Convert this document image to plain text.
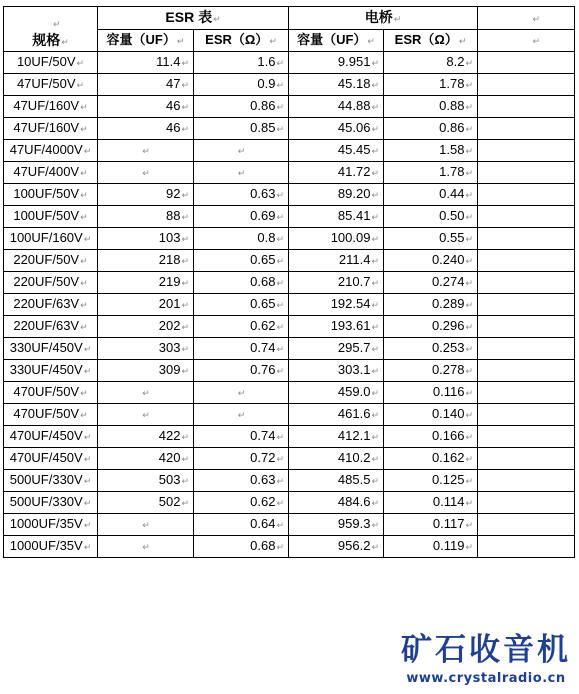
↵
规格↵	ESR 表↵		电桥↵		↵
	容量（UF）↵	ESR（Ω）↵	容量（UF）↵	ESR（Ω）↵	↵
10UF/50V↵	11.4↵	1.6↵	9.951↵	8.2↵	
47UF/50V↵	47↵	0.9↵	45.18↵	1.78↵	
47UF/160V↵	46↵	0.86↵	44.88↵	0.88↵	
47UF/160V↵	46↵	0.85↵	45.06↵	0.86↵	
47UF/4000V↵	↵	↵	45.45↵	1.58↵	
47UF/400V↵	↵	↵	41.72↵	1.78↵	
100UF/50V↵	92↵	0.63↵	89.20↵	0.44↵	
100UF/50V↵	88↵	0.69↵	85.41↵	0.50↵	
100UF/160V↵	103↵	0.8↵	100.09↵	0.55↵	
220UF/50V↵	218↵	0.65↵	211.4↵	0.240↵	
220UF/50V↵	219↵	0.68↵	210.7↵	0.274↵	
220UF/63V↵	201↵	0.65↵	192.54↵	0.289↵	
220UF/63V↵	202↵	0.62↵	193.61↵	0.296↵	
330UF/450V↵	303↵	0.74↵	295.7↵	0.253↵	
330UF/450V↵	309↵	0.76↵	303.1↵	0.278↵	
470UF/50V↵	↵	↵	459.0↵	0.116↵	
470UF/50V↵	↵	↵	461.6↵	0.140↵	
470UF/450V↵	422↵	0.74↵	412.1↵	0.166↵	
470UF/450V↵	420↵	0.72↵	410.2↵	0.162↵	
500UF/330V↵	503↵	0.63↵	485.5↵	0.125↵	
500UF/330V↵	502↵	0.62↵	484.6↵	0.114↵	
1000UF/35V↵	↵	0.64↵	959.3↵	0.117↵	
1000UF/35V↵	↵	0.68↵	956.2↵	0.119↵	
矿石收音机
www.crystalradio.cn
